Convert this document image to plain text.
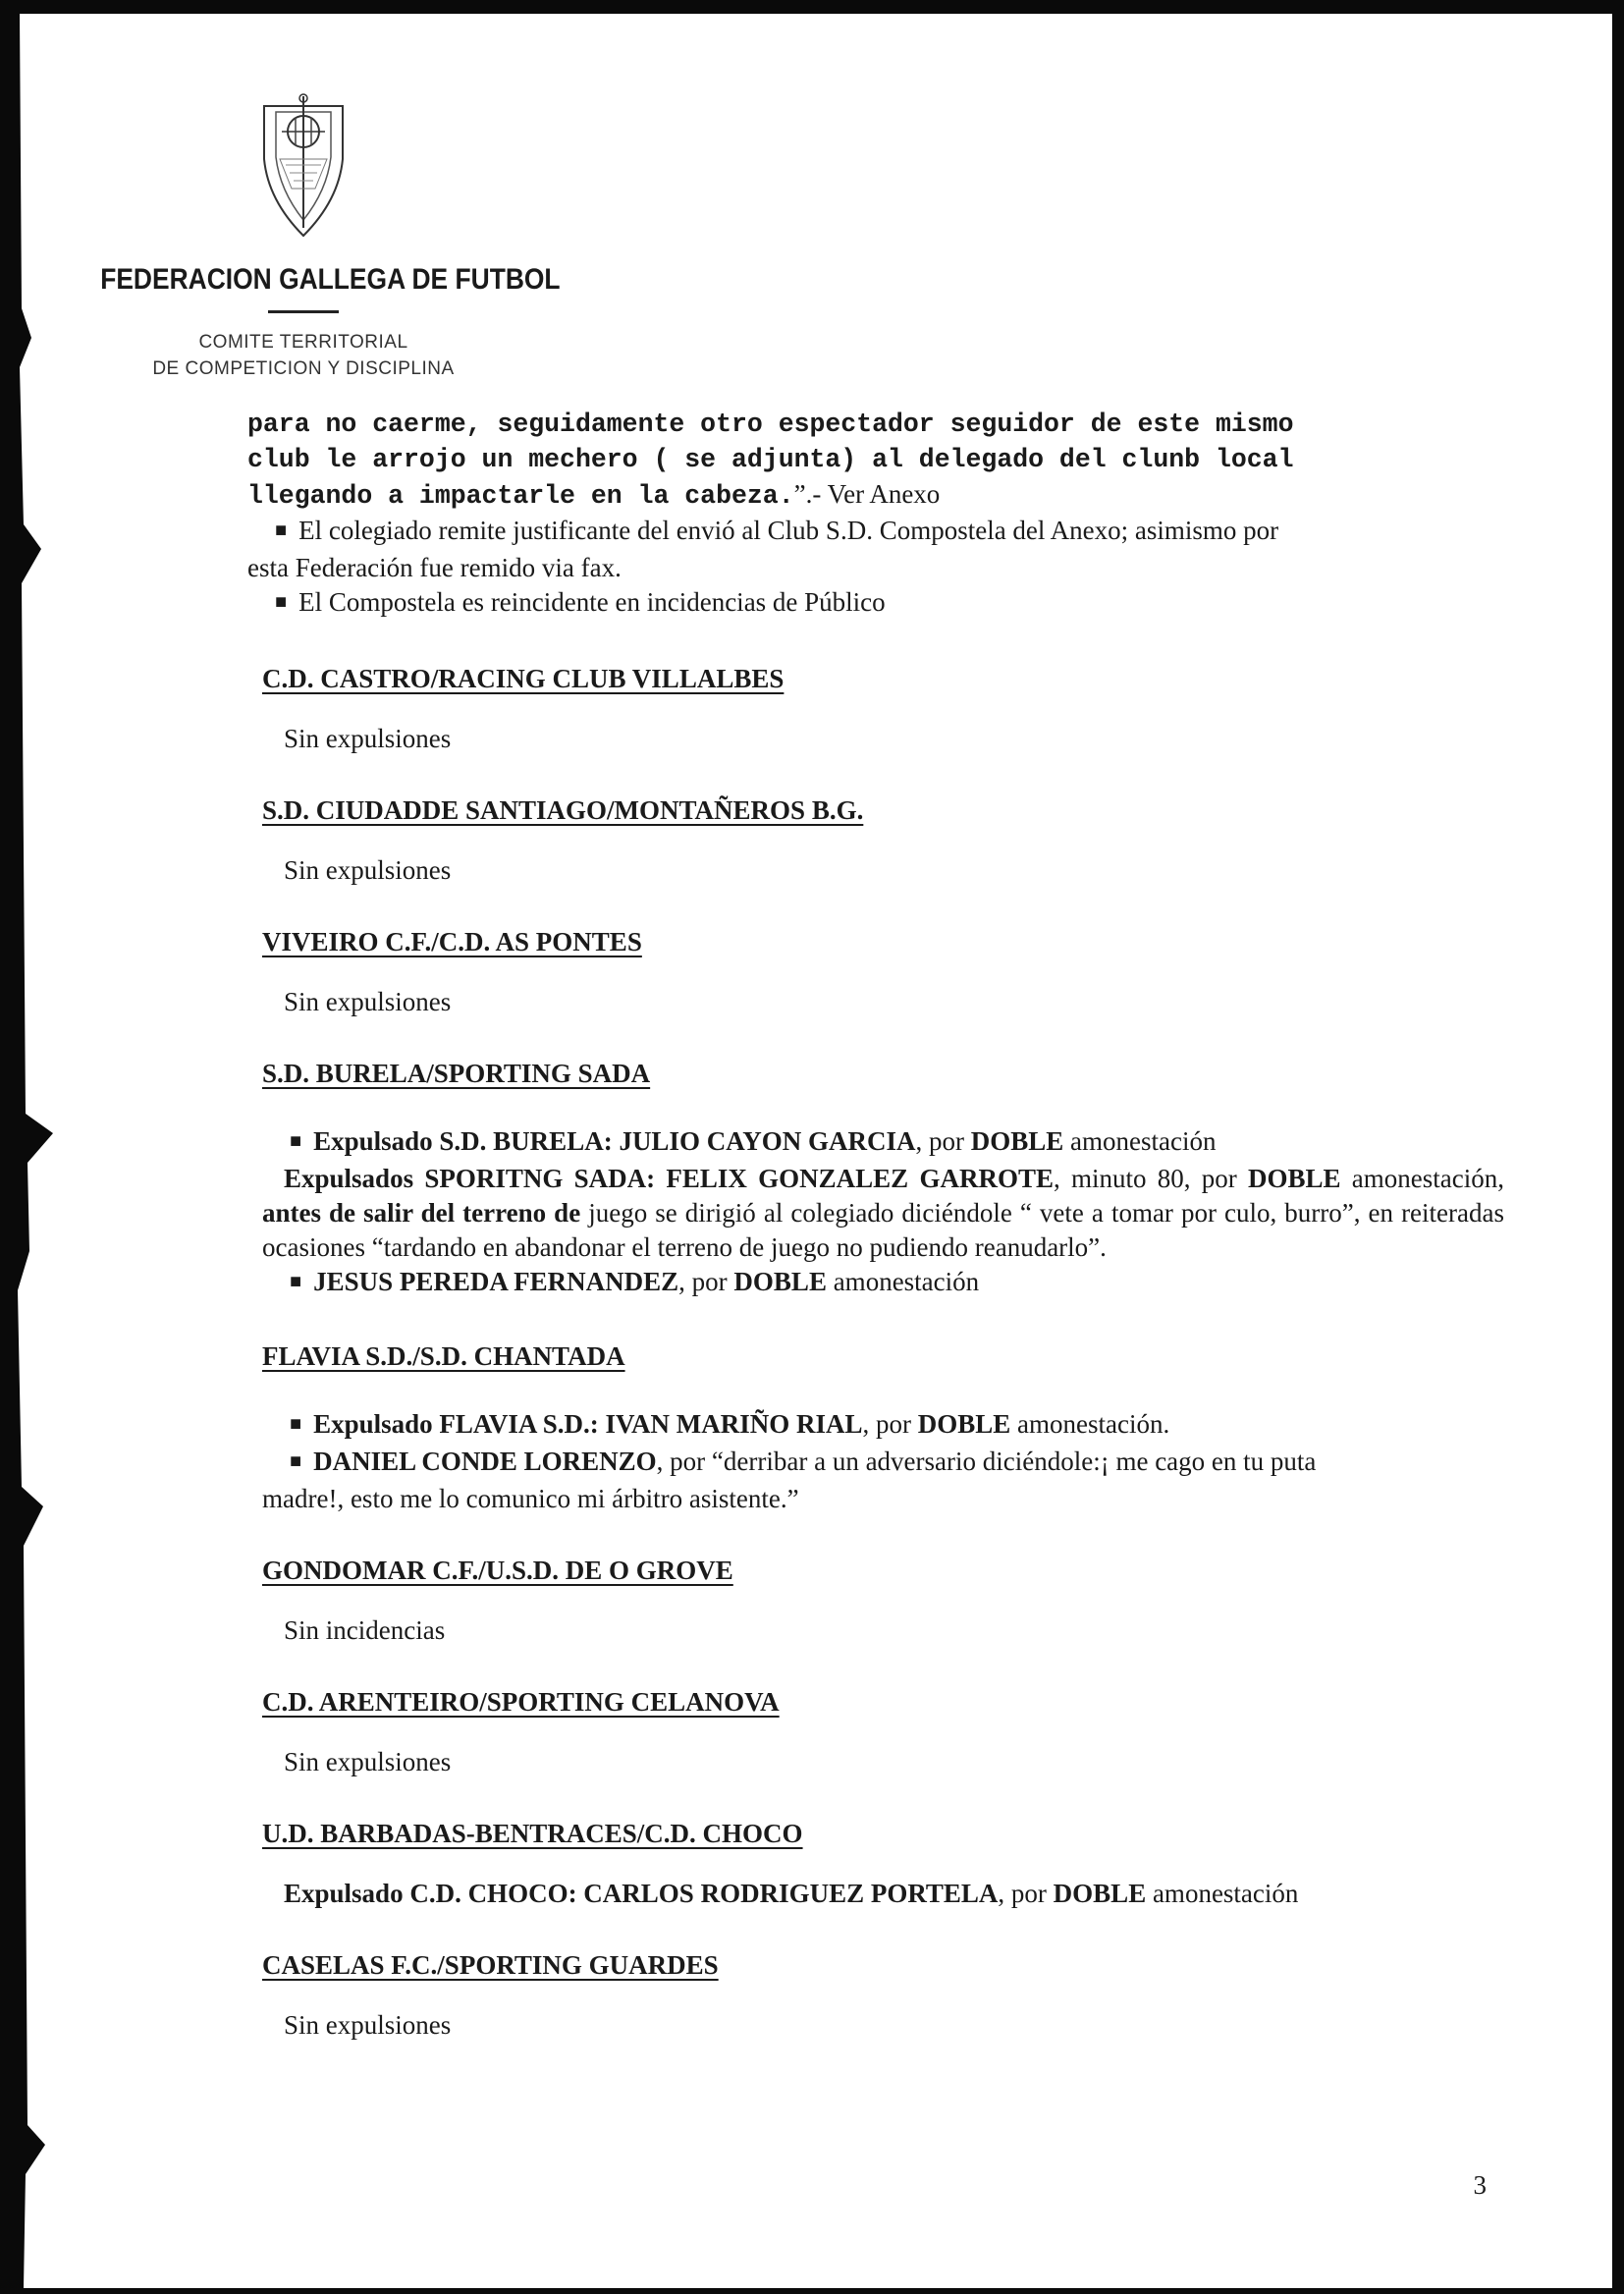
FEDERACION GALLEGA DE FUTBOL
COMITE TERRITORIAL
DE COMPETICION Y DISCIPLINA
para no caerme, seguidamente otro espectador seguidor de este mismo
club le arrojo un mechero ( se adjunta) al delegado del clunb local
llegando a impactarle en la cabeza.”.- Ver Anexo
■ El colegiado remite justificante del envió al Club S.D. Compostela del Anexo; asimismo por
esta Federación fue remido via fax.
■ El Compostela es reincidente en incidencias de Público
C.D. CASTRO/RACING CLUB VILLALBES
Sin expulsiones
S.D. CIUDADDE SANTIAGO/MONTAÑEROS B.G.
Sin expulsiones
VIVEIRO C.F./C.D. AS PONTES
Sin expulsiones
S.D. BURELA/SPORTING SADA
■ Expulsado S.D. BURELA: JULIO CAYON GARCIA, por DOBLE amonestación
Expulsados SPORITNG SADA: FELIX GONZALEZ GARROTE, minuto 80, por DOBLE amonestación, antes de salir del terreno de juego se dirigió al colegiado diciéndole “ vete a tomar por culo, burro”, en reiteradas ocasiones “tardando en abandonar el terreno de juego no pudiendo reanudarlo”.
■ JESUS PEREDA FERNANDEZ, por DOBLE amonestación
FLAVIA S.D./S.D. CHANTADA
■ Expulsado FLAVIA S.D.: IVAN MARIÑO RIAL, por DOBLE amonestación.
■ DANIEL CONDE LORENZO, por “derribar a un adversario diciéndole:¡ me cago en tu puta
madre!, esto me lo comunico mi árbitro asistente.”
GONDOMAR C.F./U.S.D. DE O GROVE
Sin incidencias
C.D. ARENTEIRO/SPORTING CELANOVA
Sin expulsiones
U.D. BARBADAS-BENTRACES/C.D. CHOCO
Expulsado C.D. CHOCO: CARLOS RODRIGUEZ PORTELA, por DOBLE amonestación
CASELAS F.C./SPORTING GUARDES
Sin expulsiones
3
